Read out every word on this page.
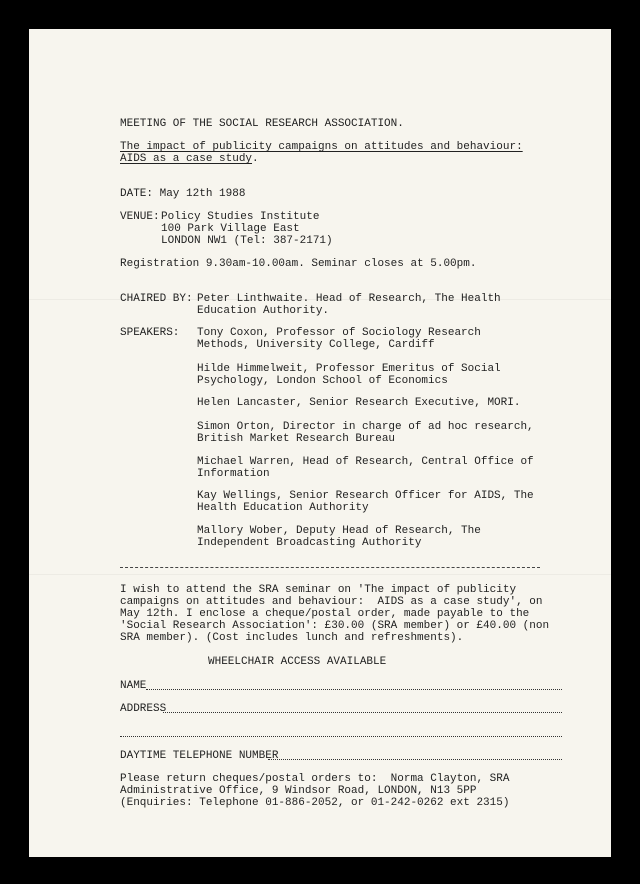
MEETING OF THE SOCIAL RESEARCH ASSOCIATION.
The impact of publicity campaigns on attitudes and behaviour:
AIDS as a case study.
DATE: May 12th 1988
VENUE: Policy Studies Institute
100 Park Village East
LONDON NW1 (Tel: 387-2171)
Registration 9.30am-10.00am. Seminar closes at 5.00pm.
CHAIRED BY: Peter Linthwaite. Head of Research, The Health
Education Authority.
SPEAKERS: Tony Coxon, Professor of Sociology Research
Methods, University College, Cardiff
Hilde Himmelweit, Professor Emeritus of Social
Psychology, London School of Economics
Helen Lancaster, Senior Research Executive, MORI.
Simon Orton, Director in charge of ad hoc research,
British Market Research Bureau
Michael Warren, Head of Research, Central Office of
Information
Kay Wellings, Senior Research Officer for AIDS, The
Health Education Authority
Mallory Wober, Deputy Head of Research, The
Independent Broadcasting Authority
I wish to attend the SRA seminar on 'The impact of publicity
campaigns on attitudes and behaviour:  AIDS as a case study', on
May 12th. I enclose a cheque/postal order, made payable to the
'Social Research Association': £30.00 (SRA member) or £40.00 (non
SRA member). (Cost includes lunch and refreshments).
WHEELCHAIR ACCESS AVAILABLE
NAME
ADDRESS
DAYTIME TELEPHONE NUMBER
Please return cheques/postal orders to:  Norma Clayton, SRA
Administrative Office, 9 Windsor Road, LONDON, N13 5PP
(Enquiries: Telephone 01-886-2052, or 01-242-0262 ext 2315)
